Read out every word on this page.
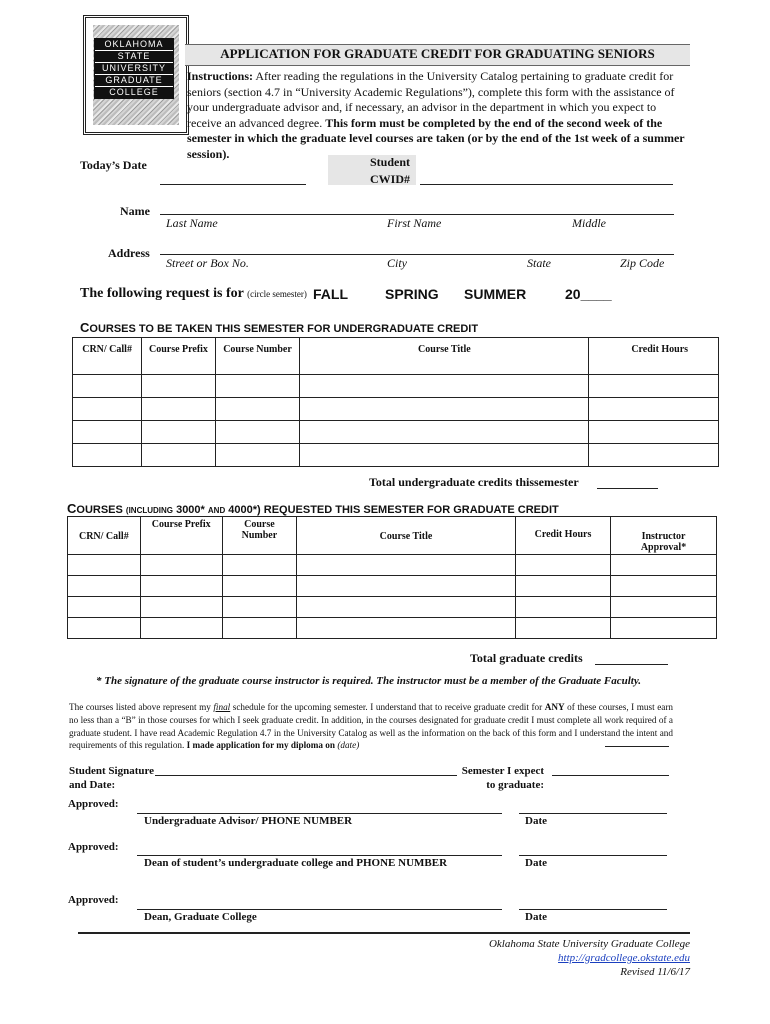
OKLAHOMA
STATE
UNIVERSITY
GRADUATE
COLLEGE
APPLICATION FOR GRADUATE CREDIT FOR GRADUATING SENIORS
Instructions: After reading the regulations in the University Catalog pertaining to graduate credit for seniors (section 4.7 in “University Academic Regulations”), complete this form with the assistance of your undergraduate advisor and, if necessary, an advisor in the department in which you expect to receive an advanced degree. This form must be completed by the end of the second week of the semester in which the graduate level courses are taken (or by the end of the 1st week of a summer session).
Today’s Date	Student
CWID#
Name
Last Name	First Name	Middle
Address
Street or Box No.	City	State	Zip Code
The following request is for (circle semester) FALL	SPRING SUMMER	20____
COURSES TO BE TAKEN THIS SEMESTER FOR UNDERGRADUATE CREDIT
CRN/ Call#	Course Prefix	Course Number	Course Title	Credit Hours

Total undergraduate credits thissemester
COURSES (INCLUDING 3000* AND 4000*) REQUESTED THIS SEMESTER FOR GRADUATE CREDIT
CRN/ Call#	Course Prefix	Course Number	Course Title	Credit Hours	Instructor Approval*

Total graduate credits
* The signature of the graduate course instructor is required. The instructor must be a member of the Graduate Faculty.
The courses listed above represent my final schedule for the upcoming semester. I understand that to receive graduate credit for ANY of these courses, I must earn no less than a “B” in those courses for which I seek graduate credit. In addition, in the courses designated for graduate credit I must complete all work required of a graduate student. I have read Academic Regulation 4.7 in the University Catalog as well as the information on the back of this form and I understand the intent and requirements of this regulation. I made application for my diploma on (date)
Student Signature
and Date:
Semester I expect
to graduate:
Approved:
Undergraduate Advisor/ PHONE NUMBER	Date
Approved:
Dean of student’s undergraduate college and PHONE NUMBER	Date
Approved:
Dean, Graduate College	Date
Oklahoma State University Graduate College
http://gradcollege.okstate.edu
Revised 11/6/17
